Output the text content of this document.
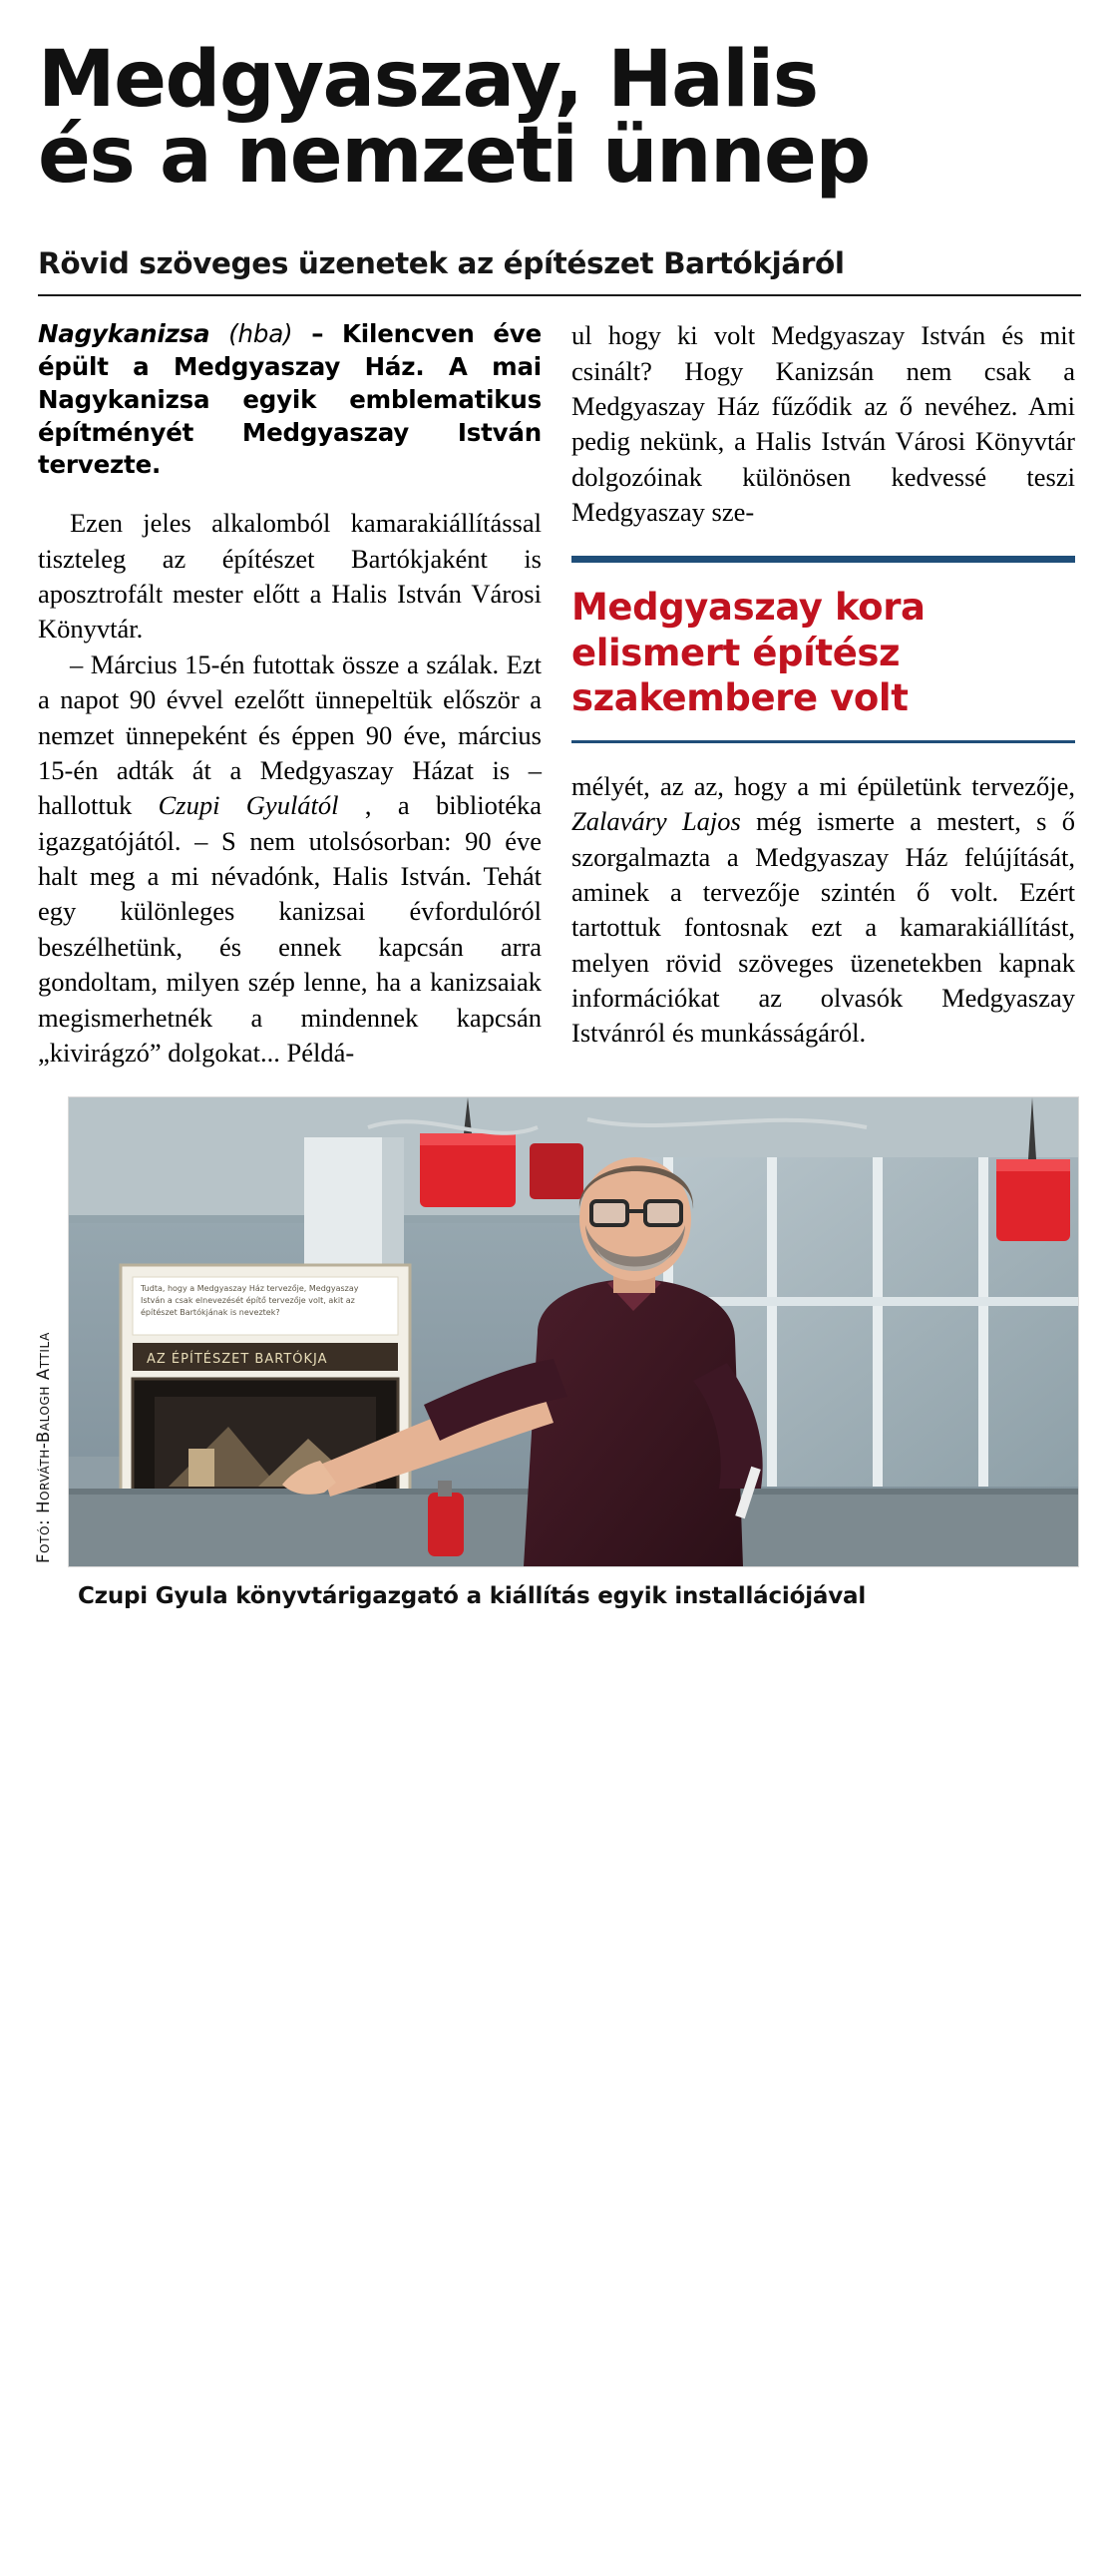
Medgyaszay, Halis
és a nemzeti ünnep
Rövid szöveges üzenetek az építészet Bartókjáról
Nagykanizsa (hba) – Kilencven éve épült a Medgyaszay Ház. A mai Nagykanizsa egyik emblematikus építményét Medgyaszay István tervezte.

Ezen jeles alkalomból kamarakiállítással tiszteleg az építészet Bartókjaként is aposztrofált mester előtt a Halis István Városi Könyvtár.

– Március 15-én futottak össze a szálak. Ezt a napot 90 évvel ezelőtt ünnepeltük először a nemzet ünnepeként és éppen 90 éve, március 15-én adták át a Medgyaszay Házat is – hallottuk Czupi Gyulától , a bibliotéka igazgatójától. – S nem utolsósorban: 90 éve halt meg a mi névadónk, Halis István. Tehát egy különleges kanizsai évfordulóról beszélhetünk, és ennek kapcsán arra gondoltam, milyen szép lenne, ha a kanizsaiak megismerhetnék a mindennek kapcsán „kivirágzó” dolgokat... Példá-

ul hogy ki volt Medgyaszay István és mit csinált? Hogy Kanizsán nem csak a Medgyaszay Ház fűződik az ő nevéhez. Ami pedig nekünk, a Halis István Városi Könyvtár dolgozóinak különösen kedvessé teszi Medgyaszay sze-

Medgyaszay kora elismert építész szakembere volt

mélyét, az az, hogy a mi épületünk tervezője, Zalaváry Lajos még ismerte a mestert, s ő szorgalmazta a Medgyaszay Ház felújítását, aminek a tervezője szintén ő volt. Ezért tartottuk fontosnak ezt a kamarakiállítást, melyen rövid szöveges üzenetekben kapnak információkat az olvasók Medgyaszay Istvánról és munkásságáról.

Fotó: Horváth-Balogh Attila
Tudta, hogy a Medgyaszay Ház tervezője, Medgyaszay
István a csak elnevezését építő tervezője volt, akit az
építészet Bartókjának is neveztek?
AZ ÉPÍTÉSZET BARTÓKJA
Czupi Gyula könyvtárigazgató a kiállítás egyik installációjával
